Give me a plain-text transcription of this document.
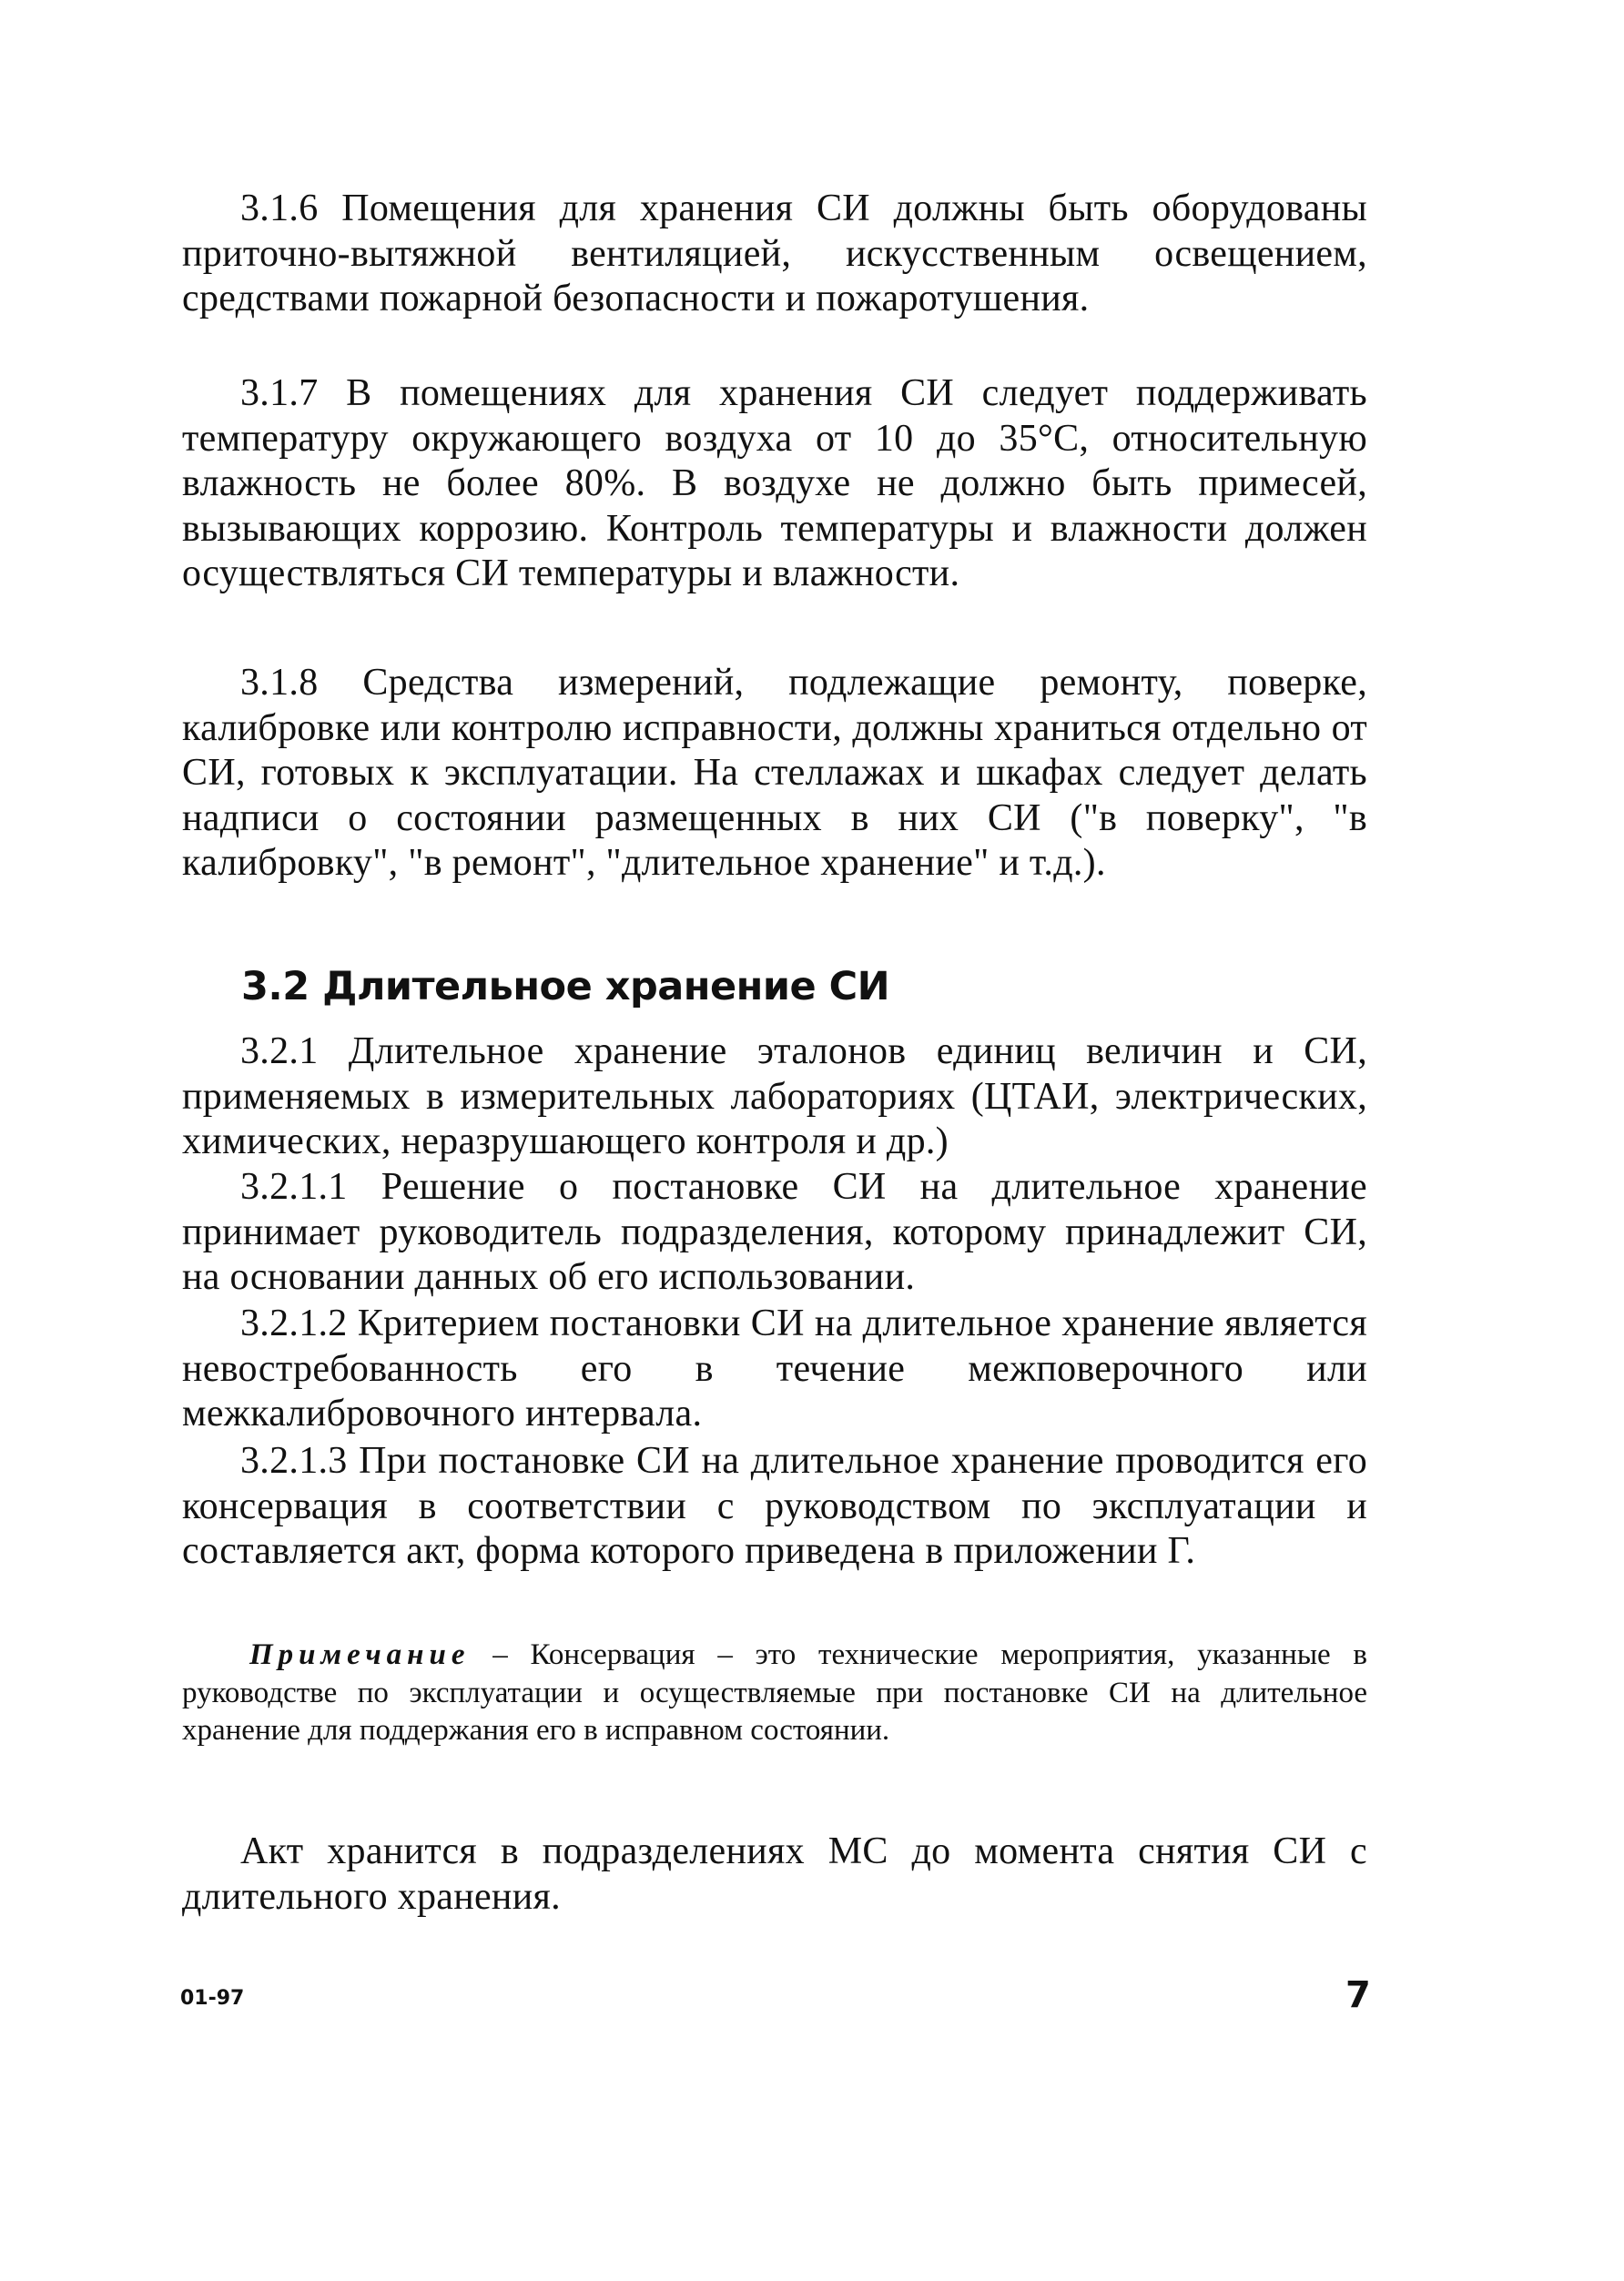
3.1.6 Помещения для хранения СИ должны быть оборудованы приточно-вытяжной вентиляцией, искусственным освещением, средствами пожарной безопасности и пожаротушения.

3.1.7 В помещениях для хранения СИ следует поддерживать температуру окружающего воздуха от 10 до 35°С, относительную влажность не более 80%. В воздухе не должно быть примесей, вызывающих коррозию. Контроль температуры и влажности должен осуществляться СИ температуры и влажности.

3.1.8 Средства измерений, подлежащие ремонту, поверке, калибровке или контролю исправности, должны храниться отдельно от СИ, готовых к эксплуатации. На стеллажах и шкафах следует делать надписи о состоянии размещенных в них СИ ("в поверку", "в калибровку", "в ремонт", "длительное хранение" и т.д.).

3.2 Длительное хранение СИ

3.2.1 Длительное хранение эталонов единиц величин и СИ, применяемых в измерительных лабораториях (ЦТАИ, электрических, химических, неразрушающего контроля и др.)

3.2.1.1 Решение о постановке СИ на длительное хранение принимает руководитель подразделения, которому принадлежит СИ, на основании данных об его использовании.

3.2.1.2 Критерием постановки СИ на длительное хранение является невостребованность его в течение межповерочного или межкалибровочного интервала.

3.2.1.3 При постановке СИ на длительное хранение проводится его консервация в соответствии с руководством по эксплуатации и составляется акт, форма которого приведена в приложении Г.

Примечание – Консервация – это технические мероприятия, указанные в руководстве по эксплуатации и осуществляемые при постановке СИ на длительное хранение для поддержания его в исправном состоянии.

Акт хранится в подразделениях МС до момента снятия СИ с длительного хранения.

01-97	7
